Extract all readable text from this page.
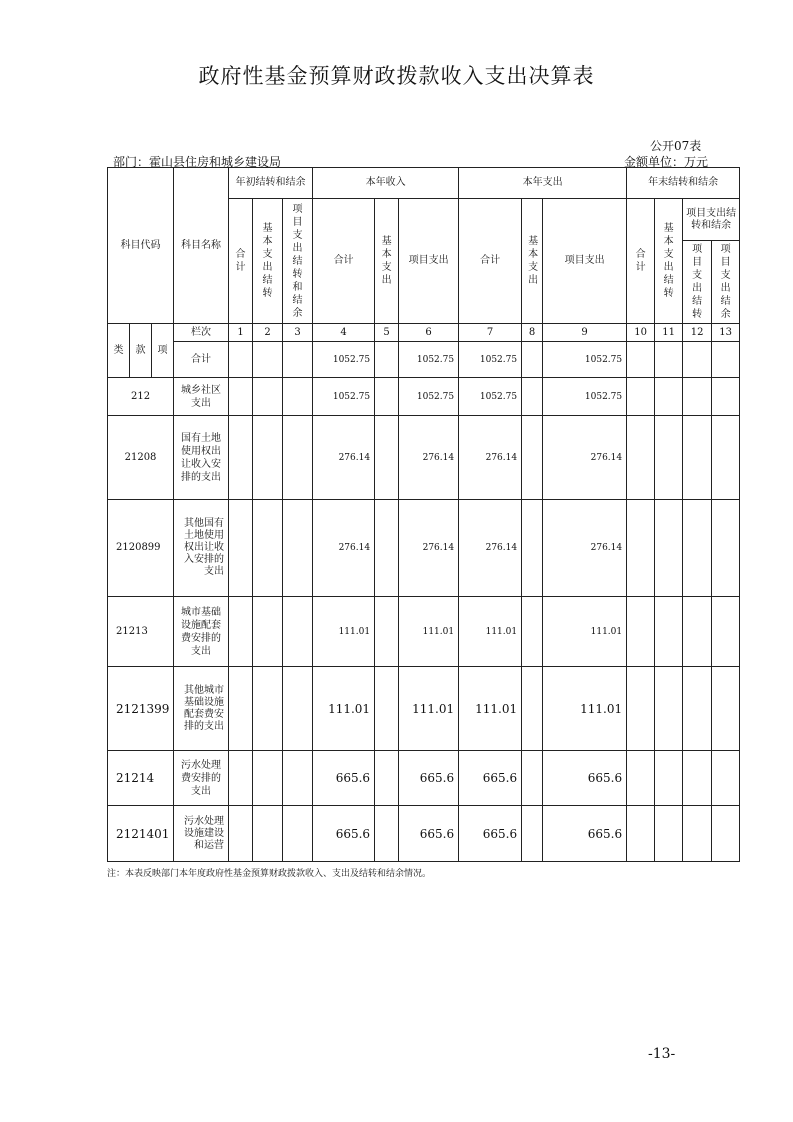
政府性基金预算财政拨款收入支出决算表
公开07表
部门：霍山县住房和城乡建设局	金额单位：万元
科目代码			科目名称	年初结转和结余			本年收入			本年支出			年末结转和结余			
				合计	基本支出结转	项目支出结转和结余	合计	基本支出	项目支出	合计	基本支出	项目支出	合计	基本支出结转	项目支出结转和结余	
															项目支出结转	项目支出结余

类	款	项	栏次	1	2	3	4	5	6	7	8	9	10	11	12	13
			合计				1052.75		1052.75	1052.75		1052.75				
212			城乡社区支出				1052.75		1052.75	1052.75		1052.75				
21208			国有土地使用权出让收入安排的支出				276.14		276.14	276.14		276.14				
2120899			其他国有土地使用权出让收入安排的支出				276.14		276.14	276.14		276.14				
21213			城市基础设施配套费安排的支出				111.01		111.01	111.01		111.01				
2121399			其他城市基础设施配套费安排的支出				111.01		111.01	111.01		111.01				
21214			污水处理费安排的支出				665.6		665.6	665.6		665.6				
2121401			污水处理设施建设和运营				665.6		665.6	665.6		665.6				
注：本表反映部门本年度政府性基金预算财政拨款收入、支出及结转和结余情况。
-13-
